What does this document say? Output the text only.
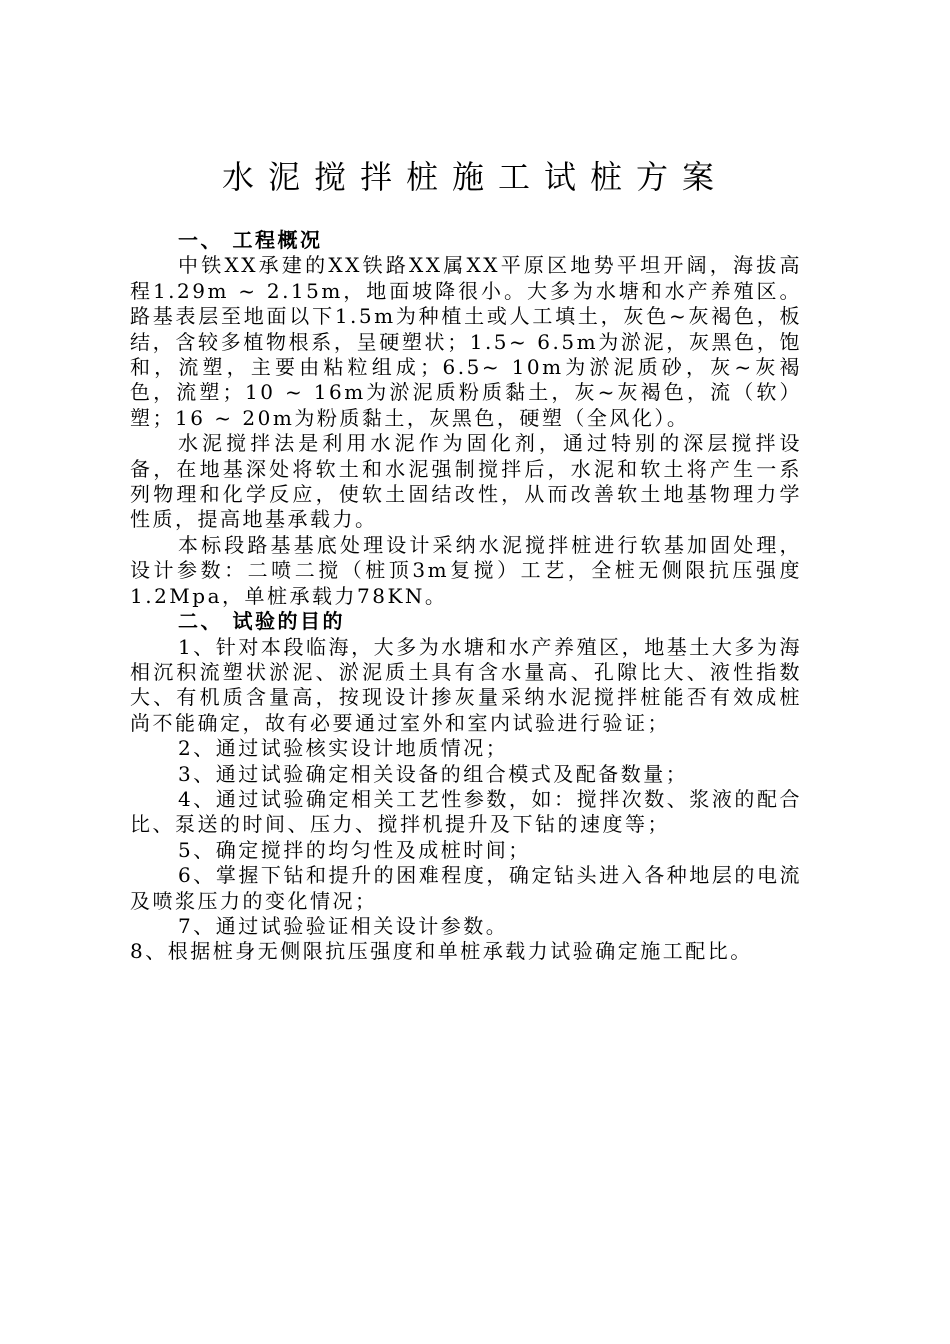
水泥搅拌桩施工试桩方案

一、 工程概况

中铁XX承建的XX铁路XX属XX平原区地势平坦开阔，海拔高程1.29m ~ 2.15m，地面坡降很小。大多为水塘和水产养殖区。路基表层至地面以下1.5m为种植土或人工填土，灰色~灰褐色，板结，含较多植物根系，呈硬塑状；1.5~ 6.5m为淤泥，灰黑色，饱和，流塑，主要由粘粒组成；6.5~ 10m为淤泥质砂，灰~灰褐色，流塑；10 ~ 16m为淤泥质粉质黏土，灰~灰褐色，流（软）塑；16 ~ 20m为粉质黏土，灰黑色，硬塑（全风化）。

水泥搅拌法是利用水泥作为固化剂，通过特别的深层搅拌设备，在地基深处将软土和水泥强制搅拌后，水泥和软土将产生一系列物理和化学反应，使软土固结改性，从而改善软土地基物理力学性质，提高地基承载力。

本标段路基基底处理设计采纳水泥搅拌桩进行软基加固处理，设计参数：二喷二搅（桩顶3m复搅）工艺，全桩无侧限抗压强度1.2Mpa，单桩承载力78KN。

二、 试验的目的

1、针对本段临海，大多为水塘和水产养殖区，地基土大多为海相沉积流塑状淤泥、淤泥质土具有含水量高、孔隙比大、液性指数大、有机质含量高，按现设计掺灰量采纳水泥搅拌桩能否有效成桩尚不能确定，故有必要通过室外和室内试验进行验证；

2、通过试验核实设计地质情况；

3、通过试验确定相关设备的组合模式及配备数量；

4、通过试验确定相关工艺性参数，如：搅拌次数、浆液的配合比、泵送的时间、压力、搅拌机提升及下钻的速度等；

5、确定搅拌的均匀性及成桩时间；

6、掌握下钻和提升的困难程度，确定钻头进入各种地层的电流及喷浆压力的变化情况；

7、通过试验验证相关设计参数。

8、根据桩身无侧限抗压强度和单桩承载力试验确定施工配比。
